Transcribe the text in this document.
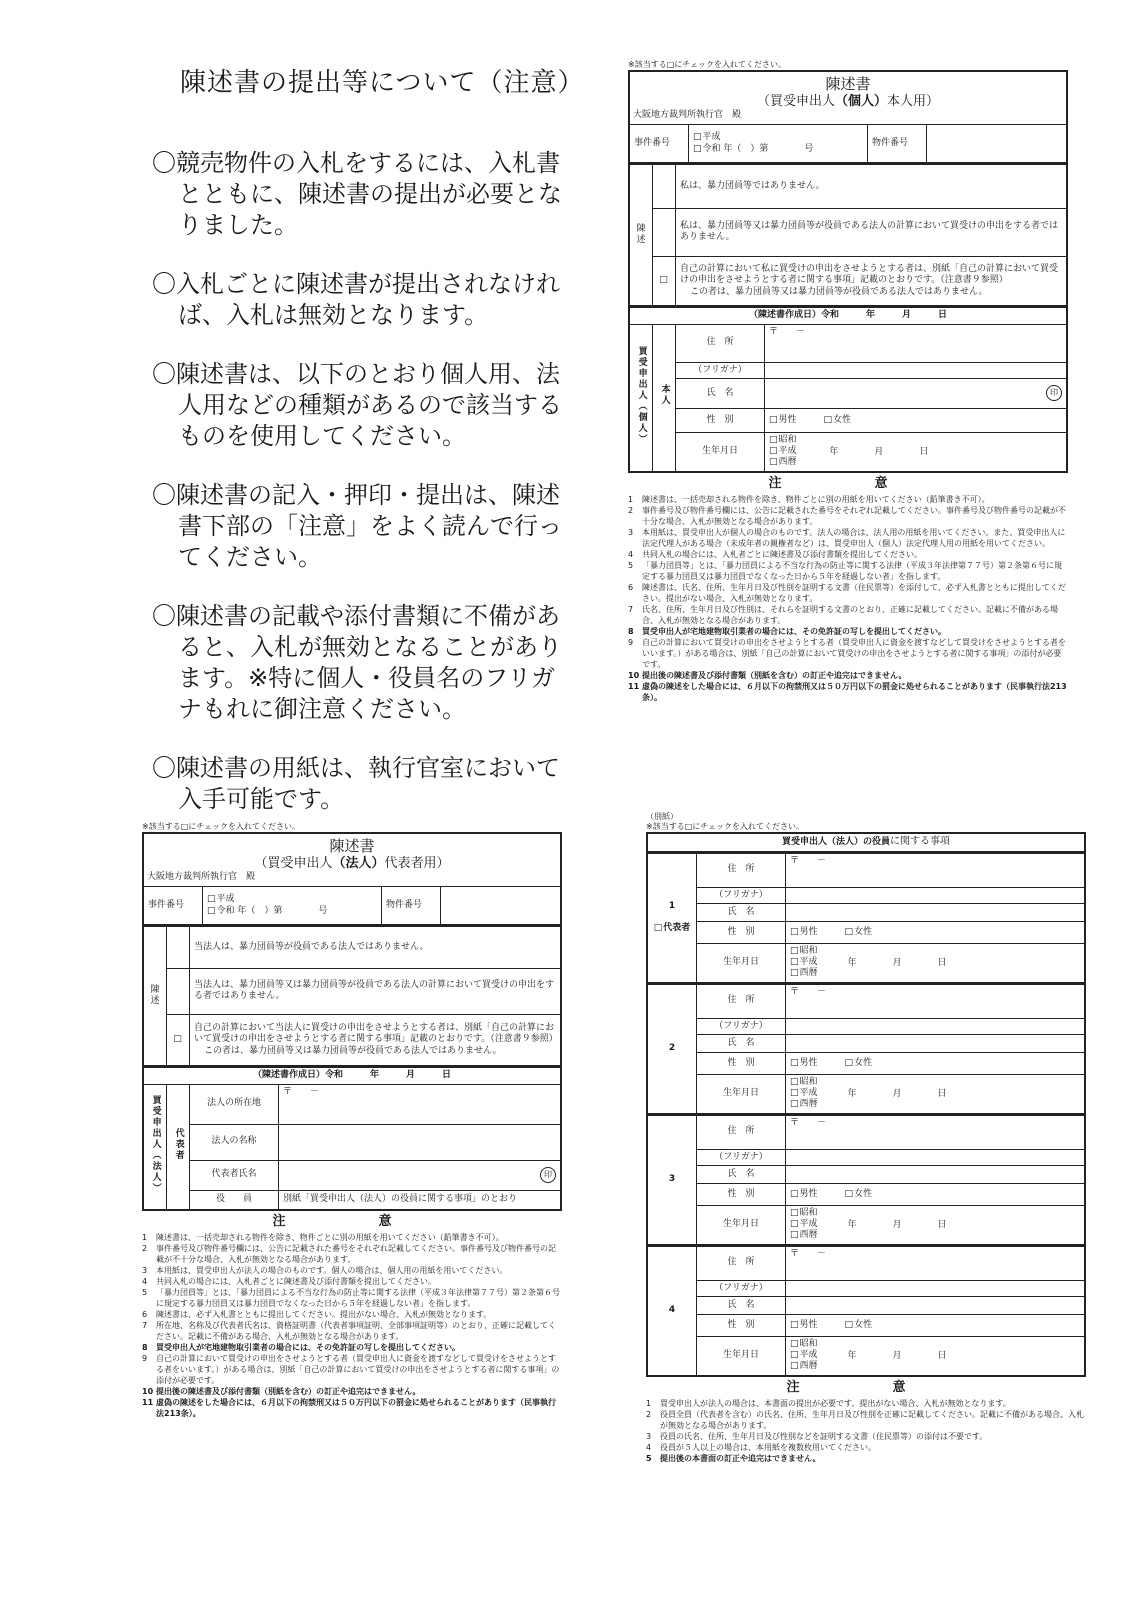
陳述書の提出等について（注意）
〇 競売物件の入札をするには、入札書とともに、陳述書の提出が必要となりました。
〇 入札ごとに陳述書が提出されなければ、入札は無効となります。
〇 陳述書は、以下のとおり個人用、法人用などの種類があるので該当するものを使用してください。
〇 陳述書の記入・押印・提出は、陳述書下部の「注意」をよく読んで行ってください。
〇 陳述書の記載や添付書類に不備があると、入札が無効となることがあります。※特に個人・役員名のフリガナもれに御注意ください。
〇 陳述書の用紙は、執行官室において入手可能です。
※該当する□にチェックを入れてください。
陳述書
（買受申出人（個人）本人用）
大阪地方裁判所執行官　殿

事件番号	□ 平成
□ 令和 年（　）第　　　　号	物件番号	
陳述		私は、暴力団員等ではありません。
		私は、暴力団員等又は暴力団員等が役員である法人の計算において買受けの申出をする者ではありません。
□	
自己の計算において私に買受けの申出をさせようとする者は、別紙「自己の計算において買受けの申出をさせようとする者に関する事項」記載のとおりです。（注意書９参照）
この者は、暴力団員等又は暴力団員等が役員である法人ではありません。
（陳述書作成日）令和　　　年　　　月　　　日			
買受申出人（個人）	本人	住　所	〒　　－
		（フリガナ）	
		氏　名	印
		性　別	□ 男性　　　 □ 女性
		生年月日	□ 昭和
□ 平成
□ 西暦 年　　　　月　　　　日
注　意
1	陳述書は、一括売却される物件を除き、物件ごとに別の用紙を用いてください（鉛筆書き不可）。
2	事件番号及び物件番号欄には、公告に記載された番号をそれぞれ記載してください。事件番号及び物件番号の記載が不十分な場合、入札が無効となる場合があります。
3	本用紙は、買受申出人が個人の場合のものです。法人の場合は、法人用の用紙を用いてください。また、買受申出人に法定代理人がある場合（未成年者の親権者など）は、買受申出人（個人）法定代理人用の用紙を用いてください。
4	共同入札の場合には、入札者ごとに陳述書及び添付書類を提出してください。
5	「暴力団員等」とは、「暴力団員による不当な行為の防止等に関する法律（平成３年法律第７７号）第２条第６号に規定する暴力団員又は暴力団員でなくなった日から５年を経過しない者」を指します。
6	陳述書は、氏名、住所、生年月日及び性別を証明する文書（住民票等）を添付して、必ず入札書とともに提出してください。提出がない場合、入札が無効となります。
7	氏名、住所、生年月日及び性別は、それらを証明する文書のとおり、正確に記載してください。記載に不備がある場合、入札が無効となる場合があります。
8	買受申出人が宅地建物取引業者の場合には、その免許証の写しを提出してください。
9	自己の計算において買受けの申出をさせようとする者（買受申出人に資金を渡すなどして買受けをさせようとする者をいいます。）がある場合は、別紙「自己の計算において買受けの申出をさせようとする者に関する事項」の添付が必要です。
10 提出後の陳述書及び添付書類（別紙を含む）の訂正や追完はできません。
11 虚偽の陳述をした場合には、６月以下の拘禁刑又は５０万円以下の罰金に処せられることがあります（民事執行法213条）。
※該当する□にチェックを入れてください。
陳述書
（買受申出人（法人）代表者用）
大阪地方裁判所執行官　殿

事件番号	□ 平成
□ 令和 年（　）第　　　　号	物件番号	
陳述		当法人は、暴力団員等が役員である法人ではありません。
		当法人は、暴力団員等又は暴力団員等が役員である法人の計算において買受けの申出をする者ではありません。
□	
自己の計算において当法人に買受けの申出をさせようとする者は、別紙「自己の計算において買受けの申出をさせようとする者に関する事項」記載のとおりです。（注意書９参照）
この者は、暴力団員等又は暴力団員等が役員である法人ではありません。
（陳述書作成日）令和　　　年　　　月　　　日			
買受申出人（法人）	代表者	法人の所在地	〒　　－
		法人の名称	
		代表者氏名	印
		役　　員	別紙「買受申出人（法人）の役員に関する事項」のとおり
注　意
1	陳述書は、一括売却される物件を除き、物件ごとに別の用紙を用いてください（鉛筆書き不可）。
2	事件番号及び物件番号欄には、公告に記載された番号をそれぞれ記載してください。事件番号及び物件番号の記載が不十分な場合、入札が無効となる場合があります。
3	本用紙は、買受申出人が法人の場合のものです。個人の場合は、個人用の用紙を用いてください。
4	共同入札の場合には、入札者ごとに陳述書及び添付書類を提出してください。
5	「暴力団員等」とは、「暴力団員による不当な行為の防止等に関する法律（平成３年法律第７７号）第２条第６号に規定する暴力団員又は暴力団員でなくなった日から５年を経過しない者」を指します。
6	陳述書は、必ず入札書とともに提出してください。提出がない場合、入札が無効となります。
7	所在地、名称及び代表者氏名は、資格証明書（代表者事項証明、全部事項証明等）のとおり、正確に記載してください。記載に不備がある場合、入札が無効となる場合があります。
8	買受申出人が宅地建物取引業者の場合には、その免許証の写しを提出してください。
9	自己の計算において買受けの申出をさせようとする者（買受申出人に資金を渡すなどして買受けをさせようとする者をいいます。）がある場合は、別紙「自己の計算において買受けの申出をさせようとする者に関する事項」の添付が必要です。
10 提出後の陳述書及び添付書類（別紙を含む）の訂正や追完はできません。
11 虚偽の陳述をした場合には、６月以下の拘禁刑又は５０万円以下の罰金に処せられることがあります（民事執行法213条）。
（別紙）
※該当する□にチェックを入れてください。
買受申出人（法人）の役員に関する事項
1

□ 代表者	住　所	〒　　－
	（フリガナ）	
	氏　名	
	性　別	□ 男性　　　 □ 女性
	生年月日	□ 昭和
□ 平成
□ 西暦年　　　　月　　　　日
2	住　所	〒　　－
	（フリガナ）	
	氏　名	
	性　別	□ 男性　　　 □ 女性
	生年月日	□ 昭和
□ 平成
□ 西暦年　　　　月　　　　日
3	住　所	〒　　－
	（フリガナ）	
	氏　名	
	性　別	□ 男性　　　 □ 女性
	生年月日	□ 昭和
□ 平成
□ 西暦年　　　　月　　　　日
4	住　所	〒　　－
	（フリガナ）	
	氏　名	
	性　別	□ 男性　　　 □ 女性
	生年月日	□ 昭和
□ 平成
□ 西暦年　　　　月　　　　日
注　意
1	買受申出人が法人の場合は、本書面の提出が必要です。提出がない場合、入札が無効となります。
2	役員全員（代表者を含む）の氏名、住所、生年月日及び性別を正確に記載してください。記載に不備がある場合、入札が無効となる場合があります。
3	役員の氏名、住所、生年月日及び性別などを証明する文書（住民票等）の添付は不要です。
4	役員が５人以上の場合は、本用紙を複数枚用いてください。
5	提出後の本書面の訂正や追完はできません。
